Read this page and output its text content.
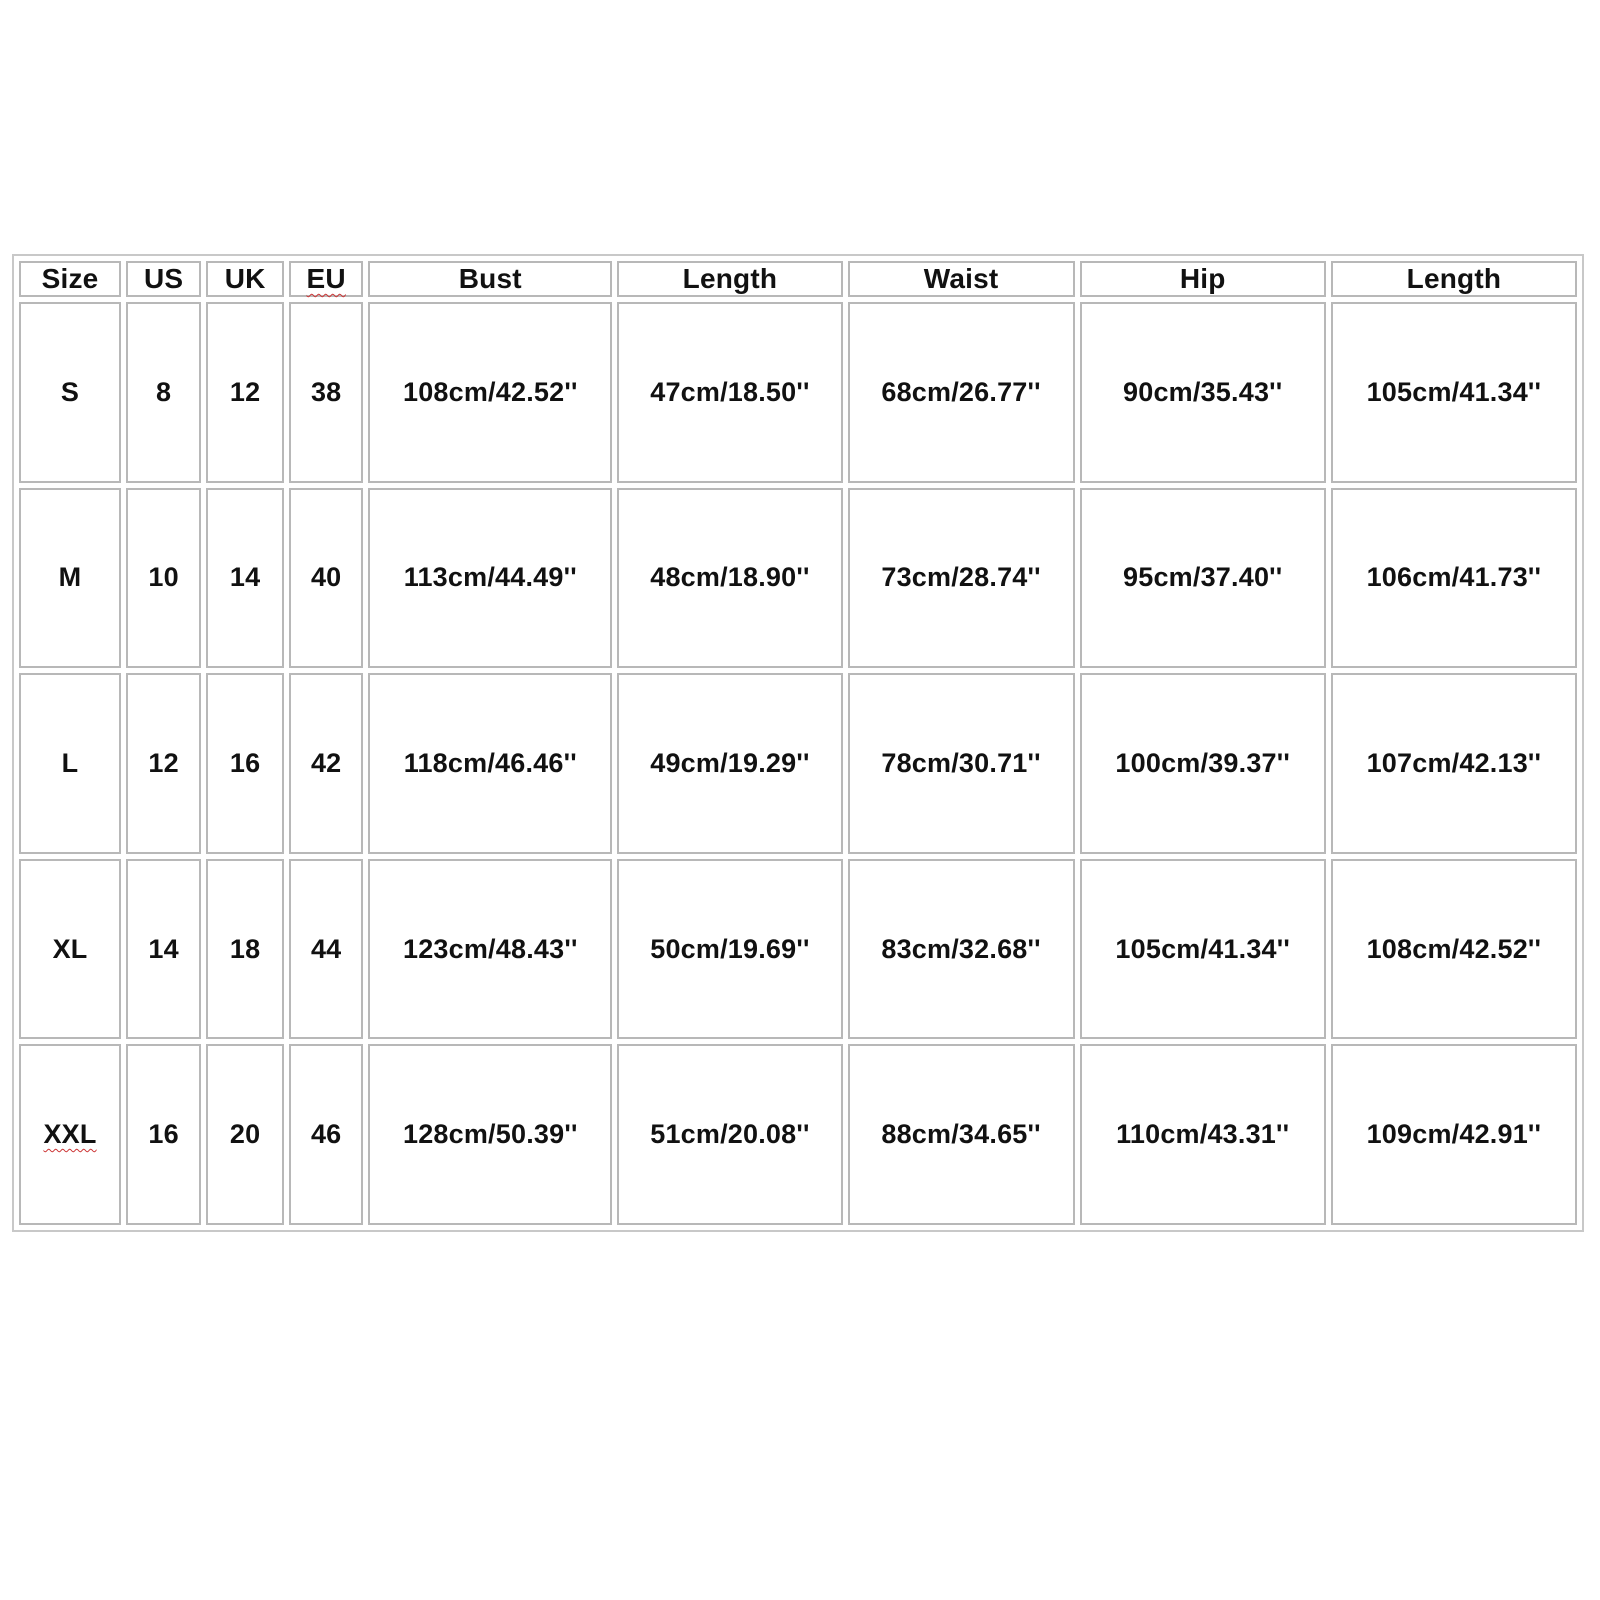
Size	US	UK	EU	Bust	Length	Waist	Hip	Length
S	8	12	38	108cm/42.52''	47cm/18.50''	68cm/26.77''	90cm/35.43''	105cm/41.34''
M	10	14	40	113cm/44.49''	48cm/18.90''	73cm/28.74''	95cm/37.40''	106cm/41.73''
L	12	16	42	118cm/46.46''	49cm/19.29''	78cm/30.71''	100cm/39.37''	107cm/42.13''
XL	14	18	44	123cm/48.43''	50cm/19.69''	83cm/32.68''	105cm/41.34''	108cm/42.52''
XXL	16	20	46	128cm/50.39''	51cm/20.08''	88cm/34.65''	110cm/43.31''	109cm/42.91''
